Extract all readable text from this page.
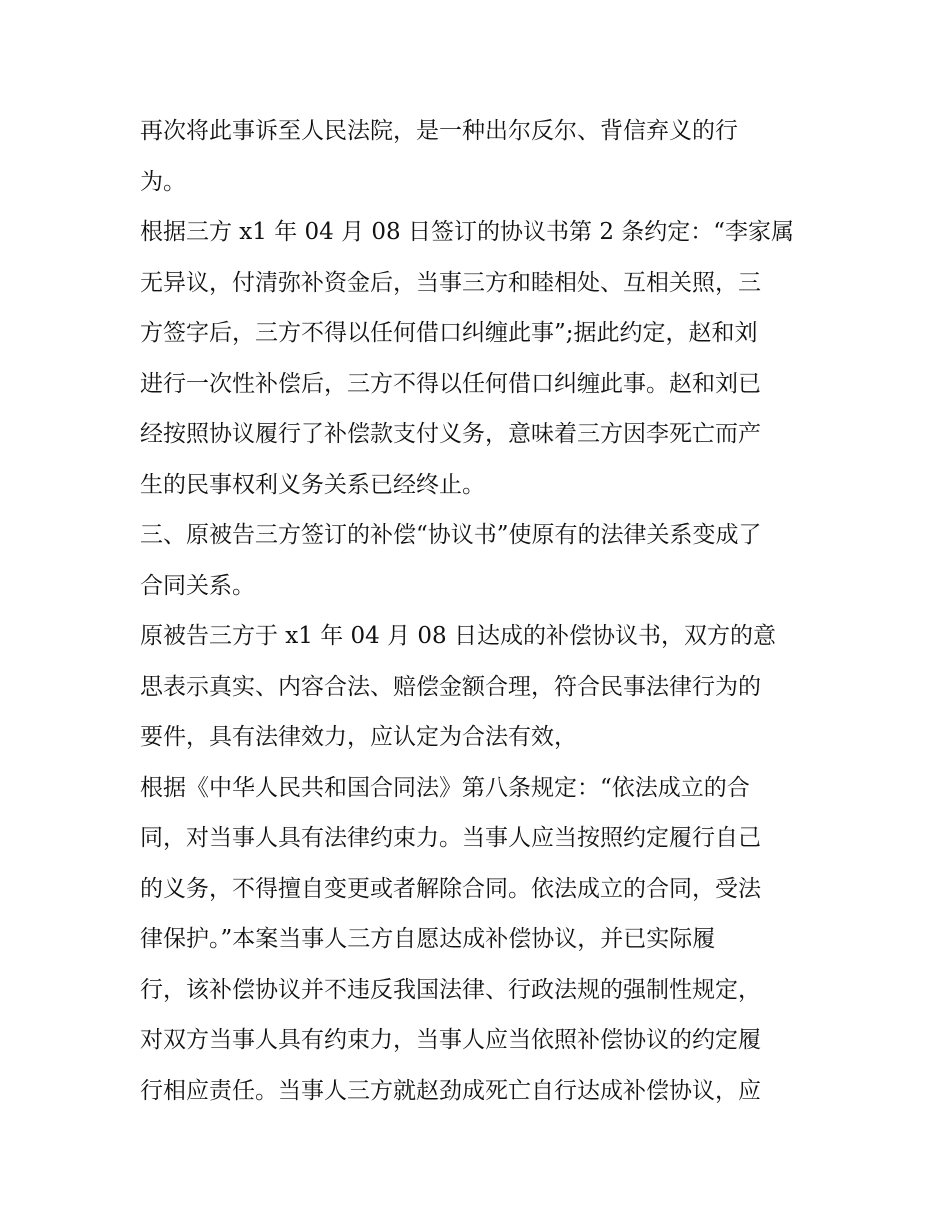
再次将此事诉至人民法院，是一种出尔反尔、背信弃义的行
为。
根据三方 x1 年 04 月 08 日签订的协议书第 2 条约定：“李家属
无异议，付清弥补资金后，当事三方和睦相处、互相关照，三
方签字后，三方不得以任何借口纠缠此事”;据此约定，赵和刘
进行一次性补偿后，三方不得以任何借口纠缠此事。赵和刘已
经按照协议履行了补偿款支付义务，意味着三方因李死亡而产
生的民事权利义务关系已经终止。
三、原被告三方签订的补偿“协议书”使原有的法律关系变成了
合同关系。
原被告三方于 x1 年 04 月 08 日达成的补偿协议书，双方的意
思表示真实、内容合法、赔偿金额合理，符合民事法律行为的
要件，具有法律效力，应认定为合法有效，
根据《中华人民共和国合同法》第八条规定：“依法成立的合
同，对当事人具有法律约束力。当事人应当按照约定履行自己
的义务，不得擅自变更或者解除合同。依法成立的合同，受法
律保护。”本案当事人三方自愿达成补偿协议，并已实际履
行，该补偿协议并不违反我国法律、行政法规的强制性规定，
对双方当事人具有约束力，当事人应当依照补偿协议的约定履
行相应责任。当事人三方就赵劲成死亡自行达成补偿协议，应
